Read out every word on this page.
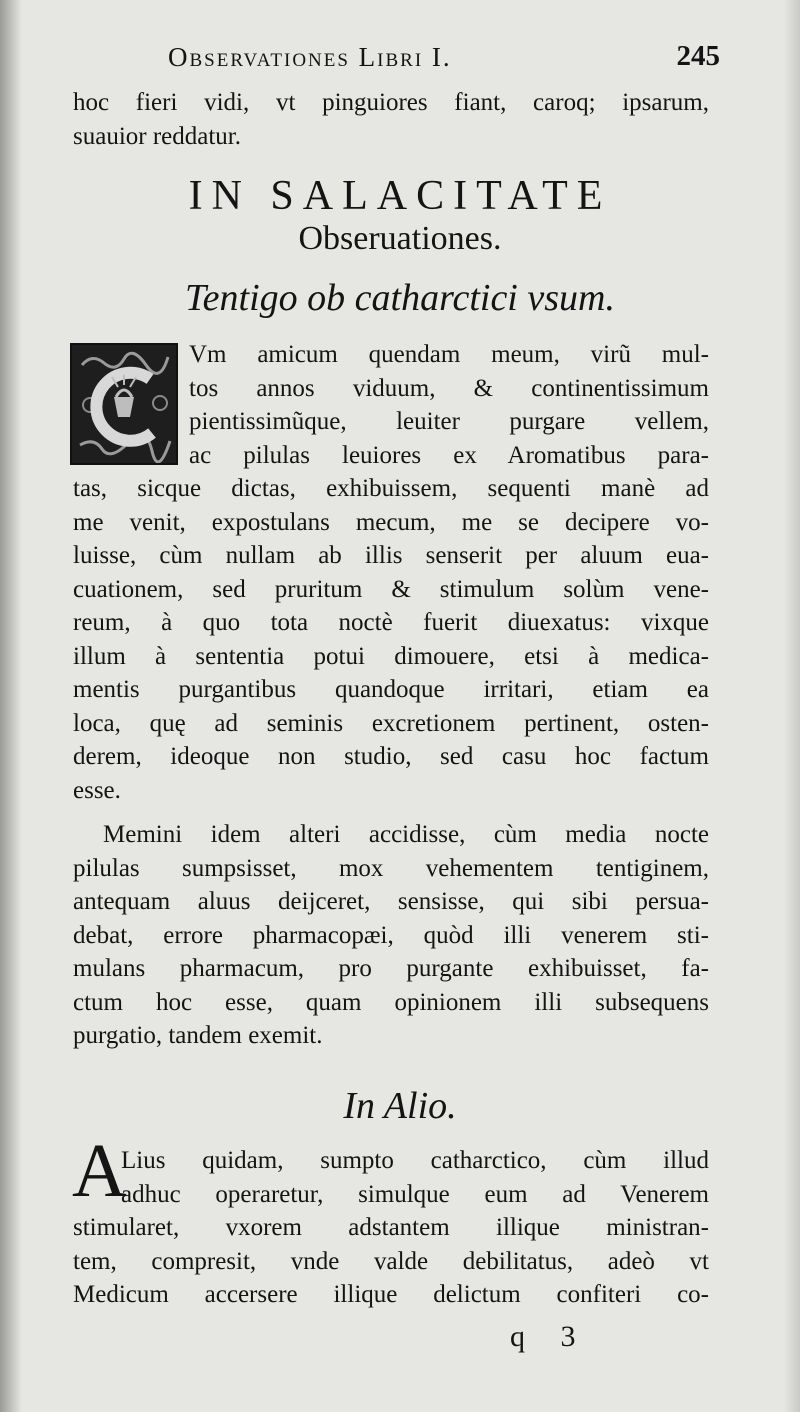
Observationes Libri I.	245
hoc fieri vidi, vt pinguiores fiant, caroq; ipsarum,
suauior reddatur.
IN SALACITATE
Obseruationes.
Tentigo ob catharctici vsum.
Vm amicum quendam meum, virũ mul-
tos annos viduum, & continentissimum
pientissimũque, leuiter purgare vellem,
ac pilulas leuiores ex Aromatibus para-
tas, sicque dictas, exhibuissem, sequenti manè ad
me venit, expostulans mecum, me se decipere vo-
luisse, cùm nullam ab illis senserit per aluum eua-
cuationem, sed pruritum & stimulum solùm vene-
reum, à quo tota noctè fuerit diuexatus: vixque
illum à sententia potui dimouere, etsi à medica-
mentis purgantibus quandoque irritari, etiam ea
loca, quę ad seminis excretionem pertinent, osten-
derem, ideoque non studio, sed casu hoc factum
esse.
Memini idem alteri accidisse, cùm media nocte
pilulas sumpsisset, mox vehementem tentiginem,
antequam aluus deijceret, sensisse, qui sibi persua-
debat, errore pharmacopæi, quòd illi venerem sti-
mulans pharmacum, pro purgante exhibuisset, fa-
ctum hoc esse, quam opinionem illi subsequens
purgatio, tandem exemit.
In Alio.
A
Lius quidam, sumpto catharctico, cùm illud
adhuc operaretur, simulque eum ad Venerem
stimularet, vxorem adstantem illique ministran-
tem, compresit, vnde valde debilitatus, adeò vt
Medicum accersere illique delictum confiteri co-
q 3
